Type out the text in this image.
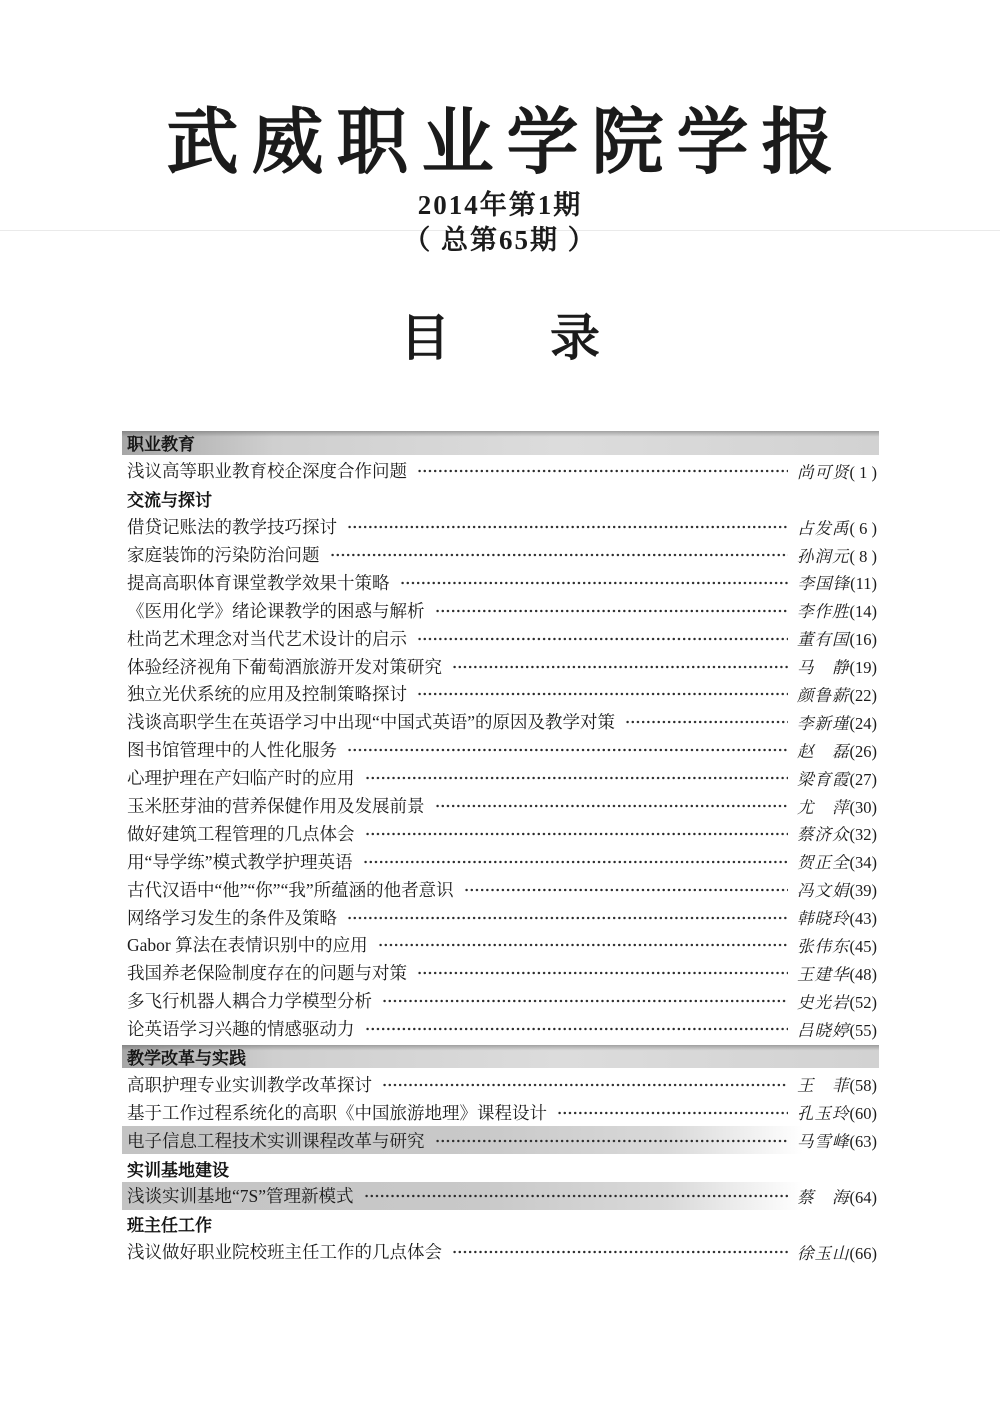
武威职业学院学报
2014年第1期
（ 总第65期 ）
目　　录
职业教育
浅议高等职业教育校企深度合作问题	尚可贤( 1 )
交流与探讨
借贷记账法的教学技巧探讨	占发禹( 6 )
家庭装饰的污染防治问题	孙润元( 8 )
提高高职体育课堂教学效果十策略	李国锋(11)
《医用化学》绪论课教学的困惑与解析	李作胜(14)
杜尚艺术理念对当代艺术设计的启示	董有国(16)
体验经济视角下葡萄酒旅游开发对策研究	马　静(19)
独立光伏系统的应用及控制策略探讨	颜鲁薪(22)
浅谈高职学生在英语学习中出现“中国式英语”的原因及教学对策	李新瑾(24)
图书馆管理中的人性化服务	赵　磊(26)
心理护理在产妇临产时的应用	梁育霞(27)
玉米胚芽油的营养保健作用及发展前景	尤　萍(30)
做好建筑工程管理的几点体会	蔡济众(32)
用“导学练”模式教学护理英语	贺正全(34)
古代汉语中“他”“你”“我”所蕴涵的他者意识	冯文娟(39)
网络学习发生的条件及策略	韩晓玲(43)
Gabor 算法在表情识别中的应用	张伟东(45)
我国养老保险制度存在的问题与对策	王建华(48)
多飞行机器人耦合力学模型分析	史光岩(52)
论英语学习兴趣的情感驱动力	吕晓婷(55)
教学改革与实践
高职护理专业实训教学改革探讨	王　菲(58)
基于工作过程系统化的高职《中国旅游地理》课程设计	孔玉玲(60)
电子信息工程技术实训课程改革与研究	马雪峰(63)
实训基地建设
浅谈实训基地“7S”管理新模式	蔡　海(64)
班主任工作
浅议做好职业院校班主任工作的几点体会	徐玉山(66)
